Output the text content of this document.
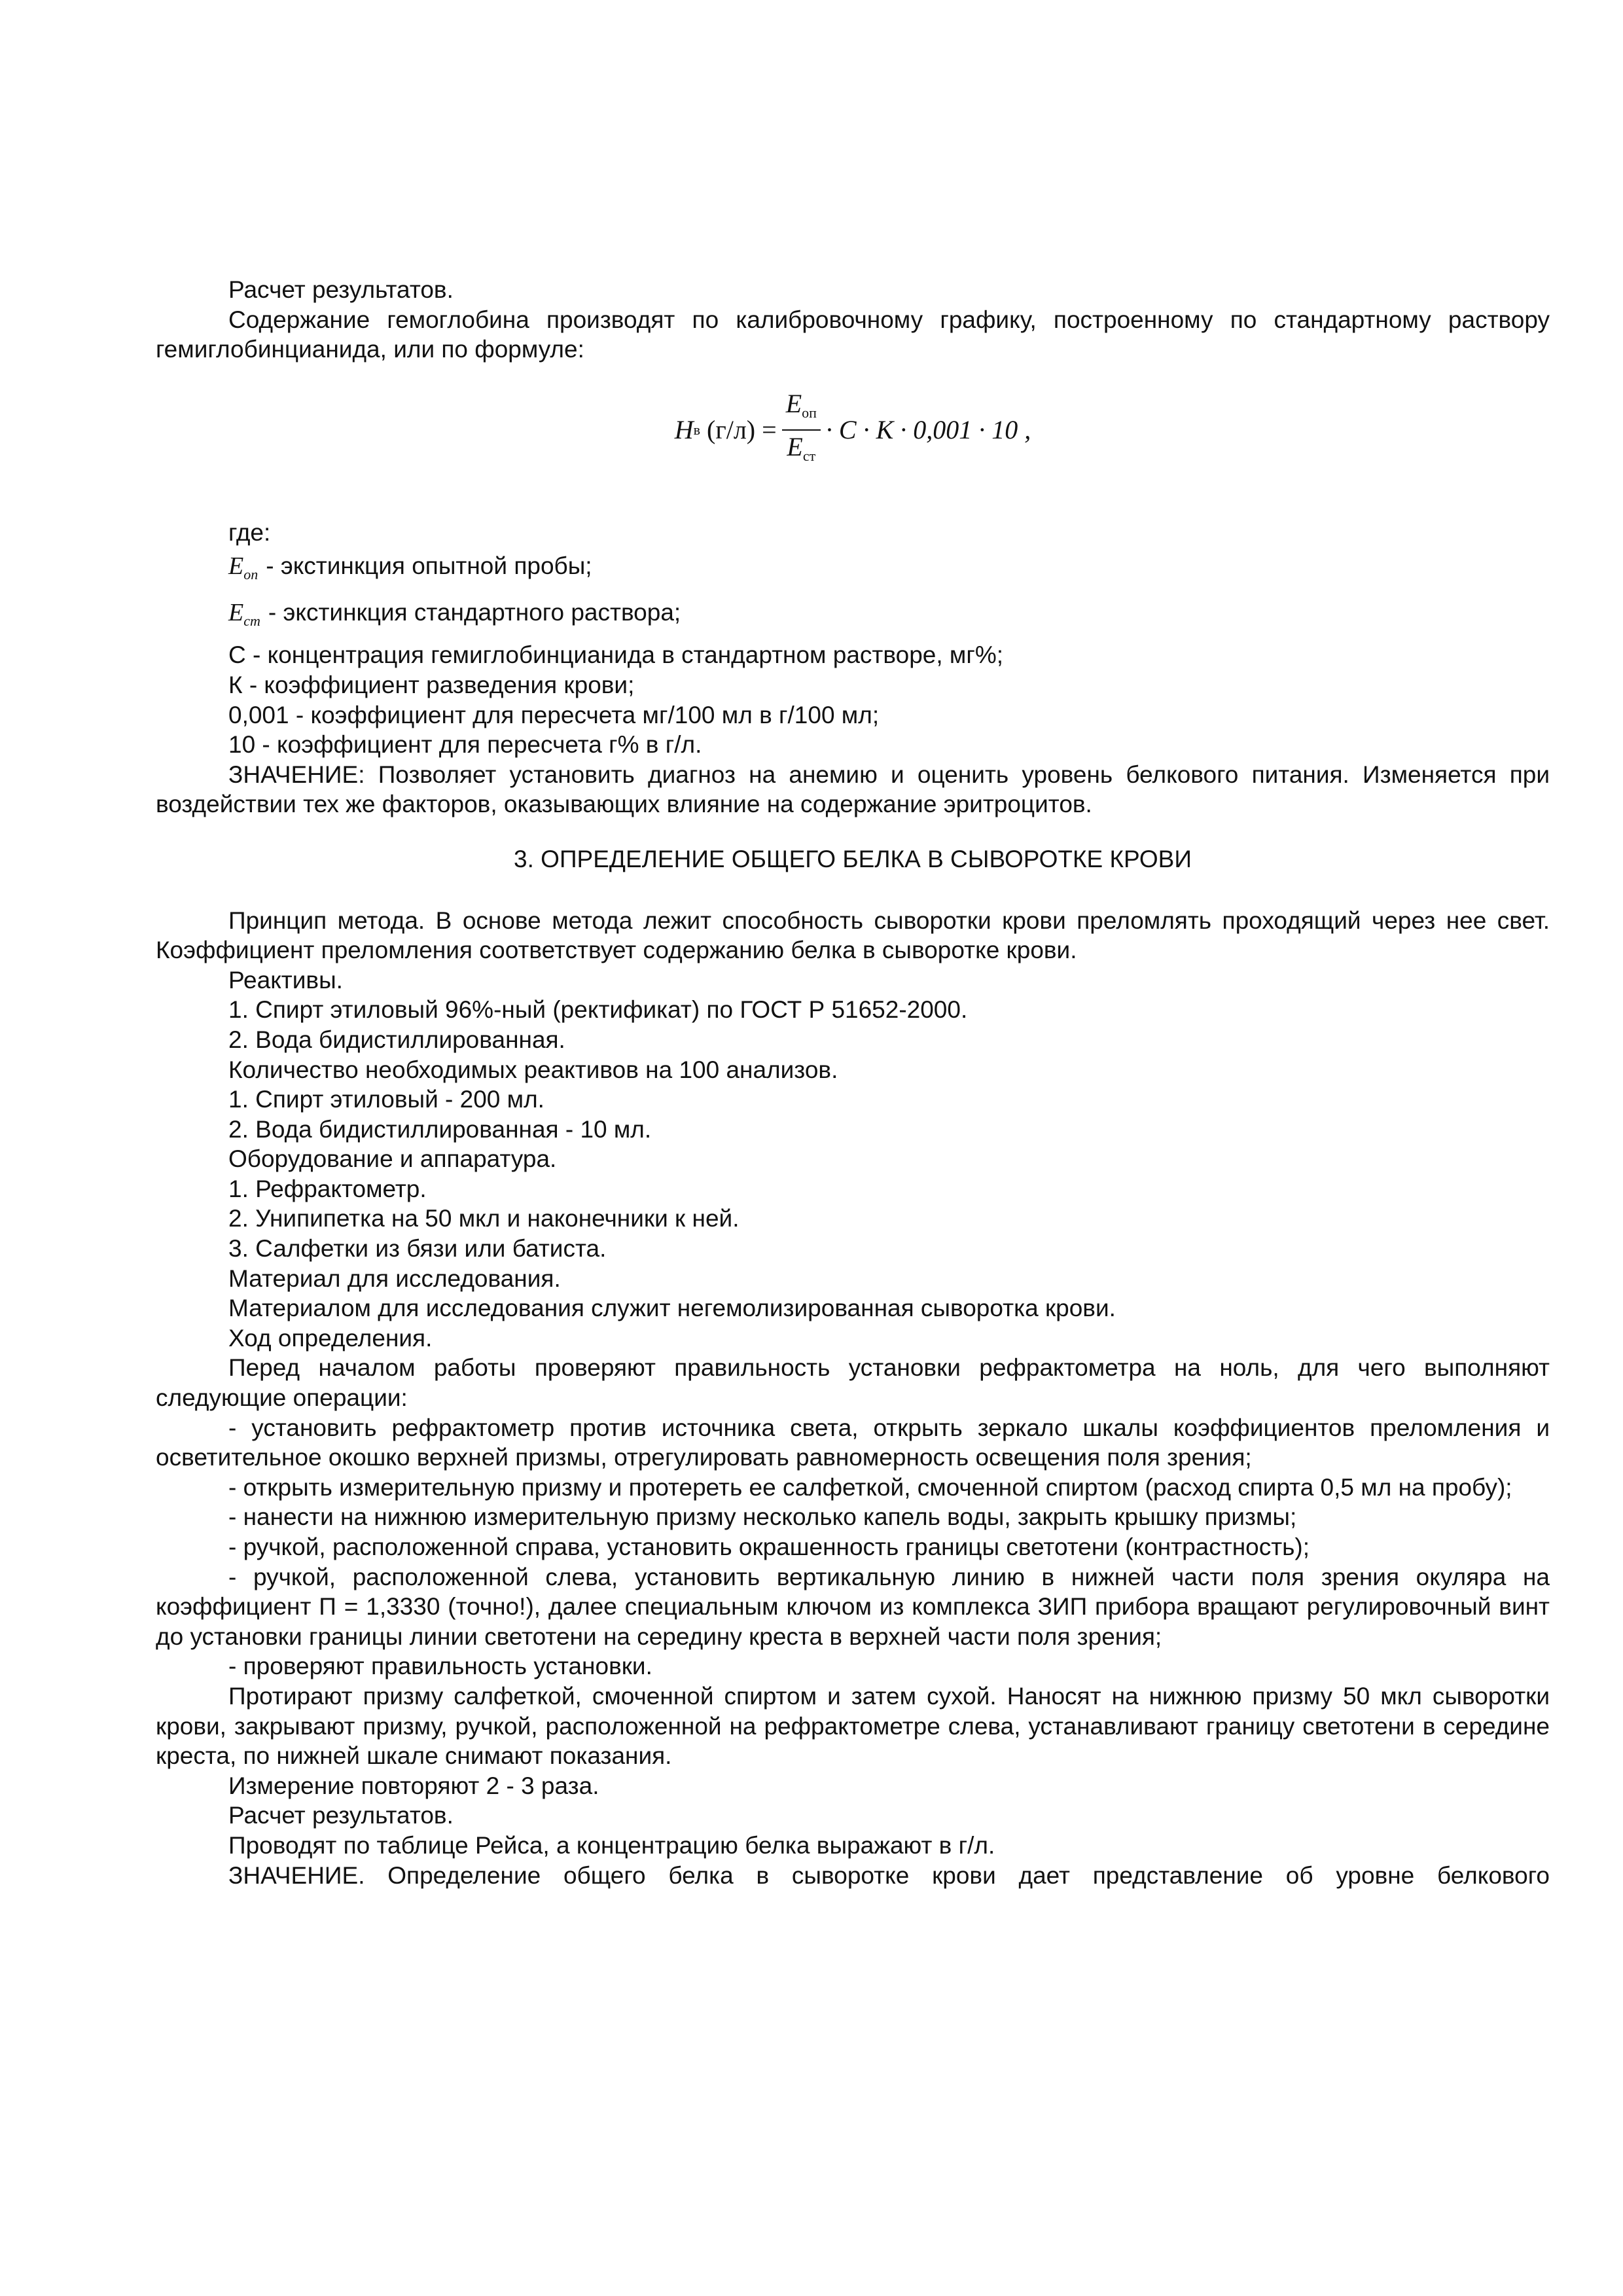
Расчет результатов.

Содержание гемоглобина производят по калибровочному графику, построенному по стандартному раствору гемиглобинцианида, или по формуле:

H в $(г/л) = \frac{E_{оп}}{E_{ст}} \cdot C \cdot K \cdot 0,001 \cdot 10$ ,

где:

$E_{оп}$ - экстинкция опытной пробы;

$E_{ст}$ - экстинкция стандартного раствора;

С - концентрация гемиглобинцианида в стандартном растворе, мг%;

К - коэффициент разведения крови;

0,001 - коэффициент для пересчета мг/100 мл в г/100 мл;

10 - коэффициент для пересчета г% в г/л.

ЗНАЧЕНИЕ: Позволяет установить диагноз на анемию и оценить уровень белкового питания. Изменяется при воздействии тех же факторов, оказывающих влияние на содержание эритроцитов.

3. ОПРЕДЕЛЕНИЕ ОБЩЕГО БЕЛКА В СЫВОРОТКЕ КРОВИ

Принцип метода. В основе метода лежит способность сыворотки крови преломлять проходящий через нее свет. Коэффициент преломления соответствует содержанию белка в сыворотке крови.

Реактивы.

1. Спирт этиловый 96%-ный (ректификат) по ГОСТ Р 51652-2000.

2. Вода бидистиллированная.

Количество необходимых реактивов на 100 анализов.

1. Спирт этиловый - 200 мл.

2. Вода бидистиллированная - 10 мл.

Оборудование и аппаратура.

1. Рефрактометр.

2. Унипипетка на 50 мкл и наконечники к ней.

3. Салфетки из бязи или батиста.

Материал для исследования.

Материалом для исследования служит негемолизированная сыворотка крови.

Ход определения.

Перед началом работы проверяют правильность установки рефрактометра на ноль, для чего выполняют следующие операции:

- установить рефрактометр против источника света, открыть зеркало шкалы коэффициентов преломления и осветительное окошко верхней призмы, отрегулировать равномерность освещения поля зрения;

- открыть измерительную призму и протереть ее салфеткой, смоченной спиртом (расход спирта 0,5 мл на пробу);

- нанести на нижнюю измерительную призму несколько капель воды, закрыть крышку призмы;

- ручкой, расположенной справа, установить окрашенность границы светотени (контрастность);

- ручкой, расположенной слева, установить вертикальную линию в нижней части поля зрения окуляра на коэффициент П = 1,3330 (точно!), далее специальным ключом из комплекса ЗИП прибора вращают регулировочный винт до установки границы линии светотени на середину креста в верхней части поля зрения;

- проверяют правильность установки.

Протирают призму салфеткой, смоченной спиртом и затем сухой. Наносят на нижнюю призму 50 мкл сыворотки крови, закрывают призму, ручкой, расположенной на рефрактометре слева, устанавливают границу светотени в середине креста, по нижней шкале снимают показания.

Измерение повторяют 2 - 3 раза.

Расчет результатов.

Проводят по таблице Рейса, а концентрацию белка выражают в г/л.

ЗНАЧЕНИЕ. Определение общего белка в сыворотке крови дает представление об уровне белкового
